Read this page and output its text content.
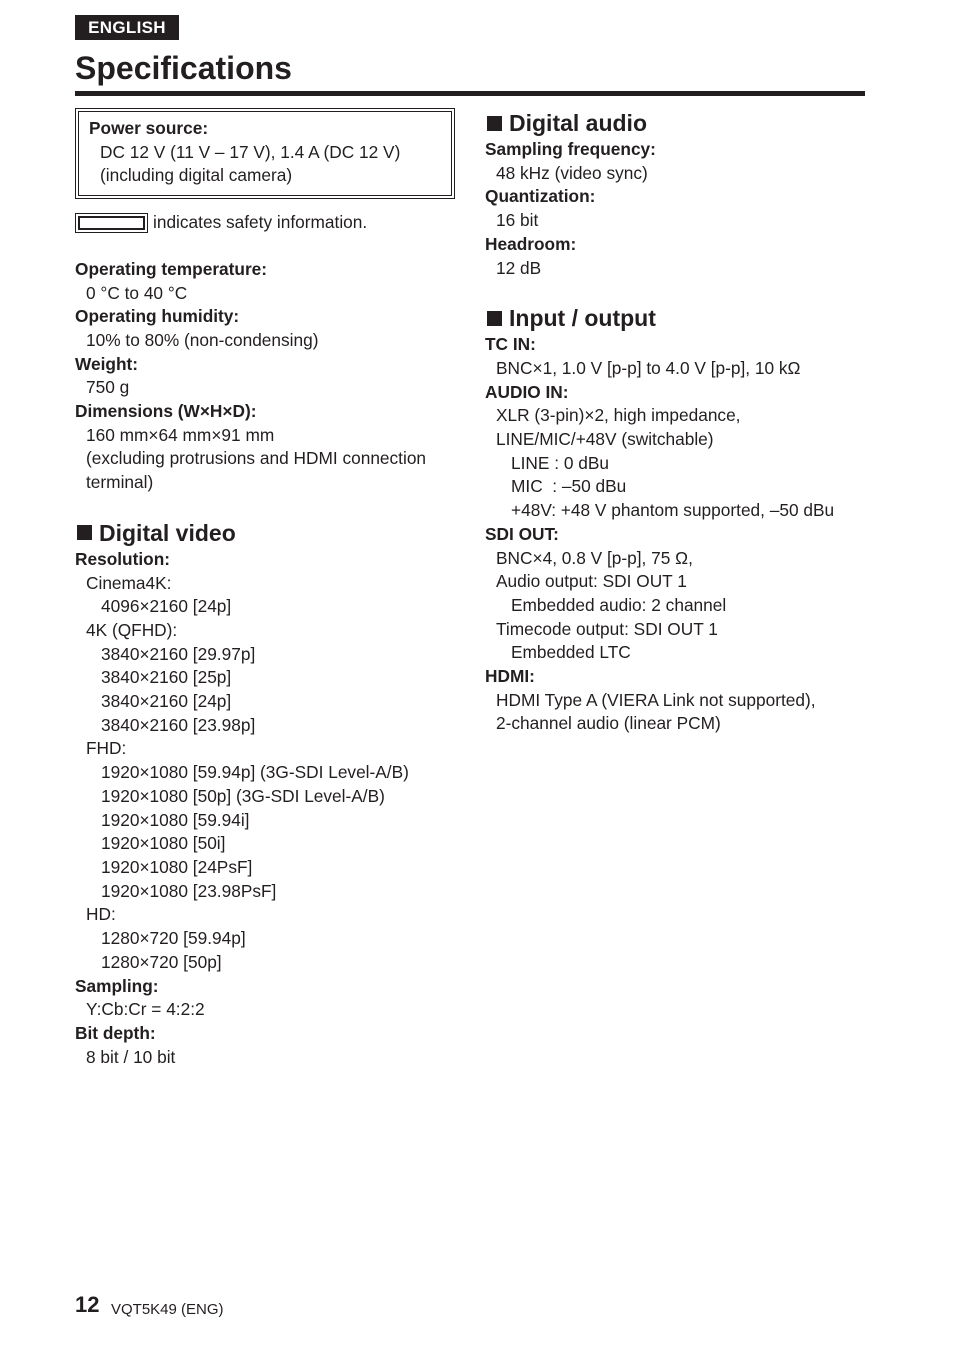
ENGLISH
Specifications
Power source:
DC 12 V (11 V – 17 V), 1.4 A (DC 12 V)
(including digital camera)
indicates safety information.
Operating temperature:
0 °C to 40 °C
Operating humidity:
10% to 80% (non-condensing)
Weight:
750 g
Dimensions (W×H×D):
160 mm×64 mm×91 mm
(excluding protrusions and HDMI connection
terminal)
Digital video
Resolution:
Cinema4K:
4096×2160 [24p]
4K (QFHD):
3840×2160 [29.97p]
3840×2160 [25p]
3840×2160 [24p]
3840×2160 [23.98p]
FHD:
1920×1080 [59.94p] (3G-SDI Level-A/B)
1920×1080 [50p] (3G-SDI Level-A/B)
1920×1080 [59.94i]
1920×1080 [50i]
1920×1080 [24PsF]
1920×1080 [23.98PsF]
HD:
1280×720 [59.94p]
1280×720 [50p]
Sampling:
Y:Cb:Cr = 4:2:2
Bit depth:
8 bit / 10 bit
Digital audio
Sampling frequency:
48 kHz (video sync)
Quantization:
16 bit
Headroom:
12 dB
Input / output
TC IN:
BNC×1, 1.0 V [p-p] to 4.0 V [p-p], 10 kΩ
AUDIO IN:
XLR (3-pin)×2, high impedance,
LINE/MIC/+48V (switchable)
LINE : 0 dBu
MIC  : –50 dBu
+48V: +48 V phantom supported, –50 dBu
SDI OUT:
BNC×4, 0.8 V [p-p], 75 Ω,
Audio output: SDI OUT 1
Embedded audio: 2 channel
Timecode output: SDI OUT 1
Embedded LTC
HDMI:
HDMI Type A (VIERA Link not supported),
2-channel audio (linear PCM)
12 VQT5K49 (ENG)
